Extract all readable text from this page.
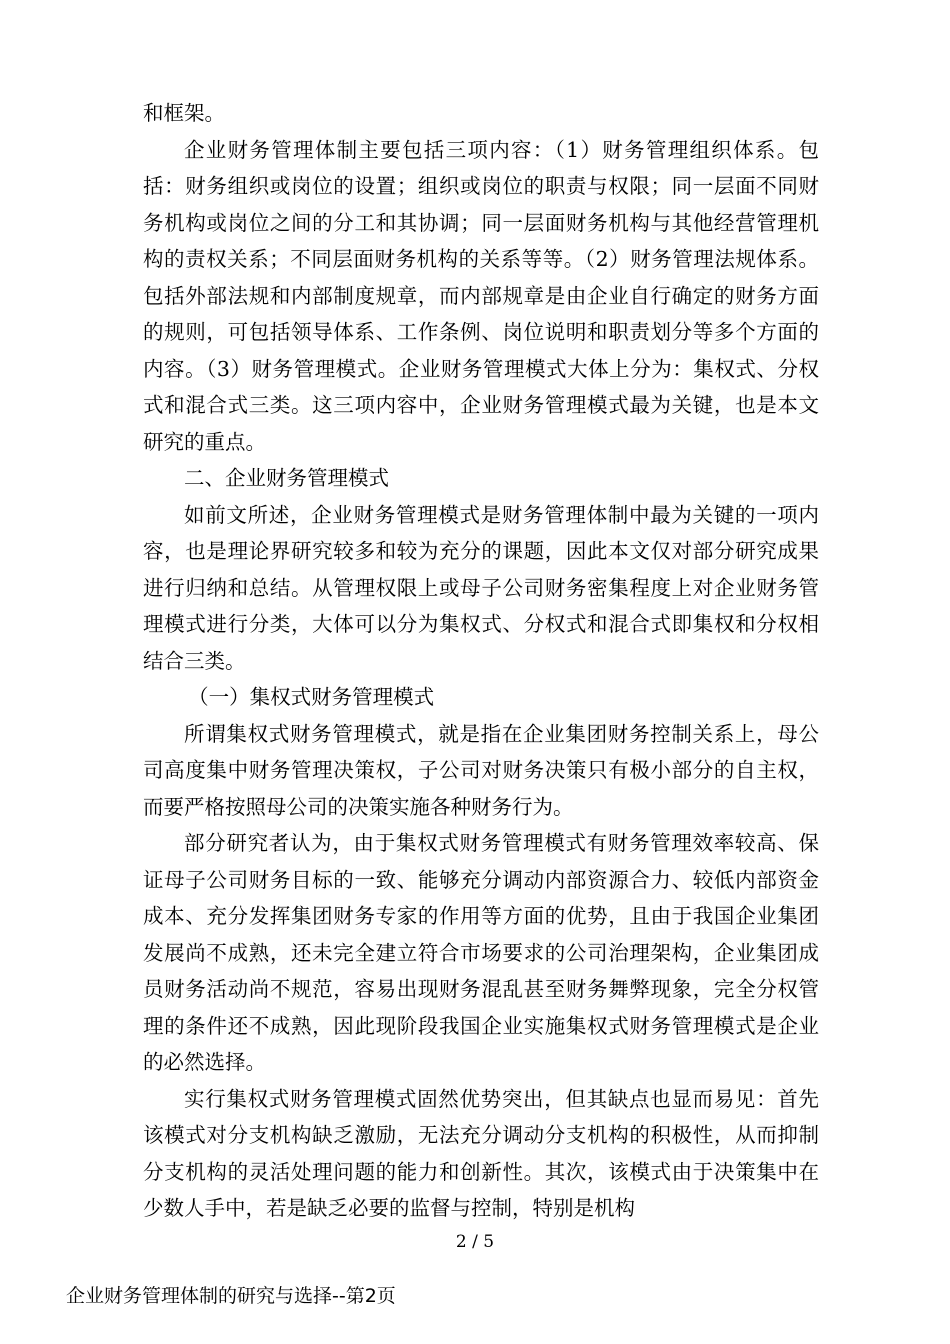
和框架。

企业财务管理体制主要包括三项内容：（1）财务管理组织体系。包括：财务组织或岗位的设置；组织或岗位的职责与权限；同一层面不同财务机构或岗位之间的分工和其协调；同一层面财务机构与其他经营管理机构的责权关系；不同层面财务机构的关系等等。（2）财务管理法规体系。包括外部法规和内部制度规章，而内部规章是由企业自行确定的财务方面的规则，可包括领导体系、工作条例、岗位说明和职责划分等多个方面的内容。（3）财务管理模式。企业财务管理模式大体上分为：集权式、分权式和混合式三类。这三项内容中，企业财务管理模式最为关键，也是本文研究的重点。

二、企业财务管理模式

如前文所述，企业财务管理模式是财务管理体制中最为关键的一项内容，也是理论界研究较多和较为充分的课题，因此本文仅对部分研究成果进行归纳和总结。从管理权限上或母子公司财务密集程度上对企业财务管理模式进行分类，大体可以分为集权式、分权式和混合式即集权和分权相结合三类。

（一）集权式财务管理模式

所谓集权式财务管理模式，就是指在企业集团财务控制关系上，母公司高度集中财务管理决策权，子公司对财务决策只有极小部分的自主权，而要严格按照母公司的决策实施各种财务行为。

部分研究者认为，由于集权式财务管理模式有财务管理效率较高、保证母子公司财务目标的一致、能够充分调动内部资源合力、较低内部资金成本、充分发挥集团财务专家的作用等方面的优势，且由于我国企业集团发展尚不成熟，还未完全建立符合市场要求的公司治理架构，企业集团成员财务活动尚不规范，容易出现财务混乱甚至财务舞弊现象，完全分权管理的条件还不成熟，因此现阶段我国企业实施集权式财务管理模式是企业的必然选择。

实行集权式财务管理模式固然优势突出，但其缺点也显而易见：首先该模式对分支机构缺乏激励，无法充分调动分支机构的积极性，从而抑制分支机构的灵活处理问题的能力和创新性。其次，该模式由于决策集中在少数人手中，若是缺乏必要的监督与控制，特别是机构

2 / 5
企业财务管理体制的研究与选择--第2页
